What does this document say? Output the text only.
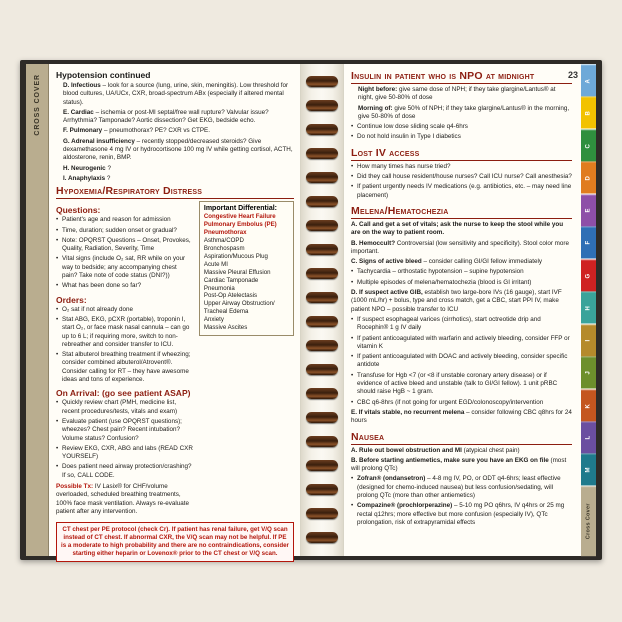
CROSS COVER Hypotension continued
D. Infectious – look for a source (lung, urine, skin, meningitis). Low threshold for blood cultures, UA/UCx, CXR, broad-spectrum ABx (especially if altered mental status).
E. Cardiac – ischemia or post-MI septal/free wall rupture? Valvular issue? Arrhythmia? Tamponade? Aortic dissection? Get EKG, bedside echo.
F. Pulmonary – pneumothorax? PE? CXR vs CTPE.
G. Adrenal insufficiency – recently stopped/decreased steroids? Give dexamethasone 4 mg IV or hydrocortisone 100 mg IV while getting cortisol, ACTH, aldosterone, renin, BMP.
H. Neurogenic ?
I. Anaphylaxis ?
Hypoxemia/Respiratory Distress
Questions:
• Patient's age and reason for admission
• Time, duration; sudden onset or gradual?
• Note: OPQRST Questions – Onset, Provokes, Quality, Radiation, Severity, Time
• Vital signs (include O₂ sat, RR while on your way to bedside; any accompanying chest pain? Take note of code status (DNI?))
• What has been done so far?
Orders:
• O₂ sat if not already done
• Stat ABG, EKG, pCXR (portable), troponin I, start O₂, or face mask nasal cannula – can go up to 6 L; if requiring more, switch to non-rebreather and consider transfer to ICU.
• Stat albuterol breathing treatment if wheezing; consider combined albuterol/Atrovent®. Consider calling for RT – they have awesome ideas and tons of experience.
On Arrival: (go see patient ASAP)
• Quickly review chart (PMH, medicine list, recent procedures/tests, vitals and exam)
• Evaluate patient (use OPQRST questions); wheezes? Chest pain? Recent intubation? Volume status? Confusion?
• Review EKG, CXR, ABG and labs (READ CXR YOURSELF)
• Does patient need airway protection/crashing? If so, CALL CODE.
Possible Tx: IV Lasix® for CHF/volume overloaded, scheduled breathing treatments, 100% face mask ventilation. Always re-evaluate patient after any intervention.
Important Differential:
Congestive Heart Failure
Pulmonary Embolus (PE)
Pneumothorax
Asthma/COPD
Bronchospasm
Aspiration/Mucous Plug
Acute MI
Massive Pleural Effusion
Cardiac Tamponade
Pneumonia
Post-Op Atelectasis
Upper Airway Obstruction/
Tracheal Edema
Anxiety
Massive Ascites
CT chest per PE protocol (check Cr). If patient has renal failure, get V/Q scan instead of CT chest. If abnormal CXR, the V/Q scan may not be helpful. If PE is a moderate to high probability and there are no contraindications, consider starting either heparin or Lovenox® prior to the CT chest or V/Q scan.
23
Insulin in patient who is NPO at midnight
Night before: give same dose of NPH; if they take glargine/Lantus® at night, give 50-80% of dose
Morning of: give 50% of NPH; if they take glargine/Lantus® in the morning, give 50-80% of dose
• Continue low dose sliding scale q4-6hrs
• Do not hold insulin in Type I diabetics
Lost IV access
• How many times has nurse tried?
• Did they call house resident/house nurses? Call ICU nurse? Call anesthesia?
• If patient urgently needs IV medications (e.g. antibiotics, etc. – may need line placement)
Melena/Hematochezia
A. Call and get a set of vitals; ask the nurse to keep the stool while you are on the way to patient room.
B. Hemoccult? Controversial (low sensitivity and specificity). Stool color more important.
C. Signs of active bleed – consider calling GI/GI fellow immediately
• Tachycardia – orthostatic hypotension – supine hypotension
• Multiple episodes of melena/hematochezia (blood is GI irritant)
D. If suspect active GIB, establish two large-bore IVs (16 gauge), start IVF (1000 mL/hr) + bolus, type and cross match, get a CBC, start PPI IV, make patient NPO – possible transfer to ICU
• If suspect esophageal varices (cirrhotics), start octreotide drip and Rocephin® 1 g IV daily
• If patient anticoagulated with warfarin and actively bleeding, consider FFP or vitamin K
• If patient anticoagulated with DOAC and actively bleeding, consider specific antidote
• Transfuse for Hgb <7 (or <8 if unstable coronary artery disease) or if evidence of active bleed and unstable (talk to GI/GI fellow). 1 unit pRBC should raise HgB ~ 1 gram.
• CBC q6-8hrs (if not going for urgent EGD/colonoscopy/intervention
E. If vitals stable, no recurrent melena – consider following CBC q8hrs for 24 hours
Nausea
A. Rule out bowel obstruction and MI (atypical chest pain)
B. Before starting antiemetics, make sure you have an EKG on file (most will prolong QTc)
• Zofran® (ondansetron) – 4-8 mg IV, PO, or ODT q4-6hrs; least effective (designed for chemo-induced nausea) but less confusion/sedating, will prolong QTc (more than other antiemetics)
• Compazine® (prochlorperazine) – 5-10 mg PO q6hrs, IV q4hrs or 25 mg rectal q12hrs; more effective but more confusion (especially IV), QTc prolongation, risk of extrapyramidal effects
A
B
C
D
E
F
G
H
I
J
K
L
M
Cross Cover
